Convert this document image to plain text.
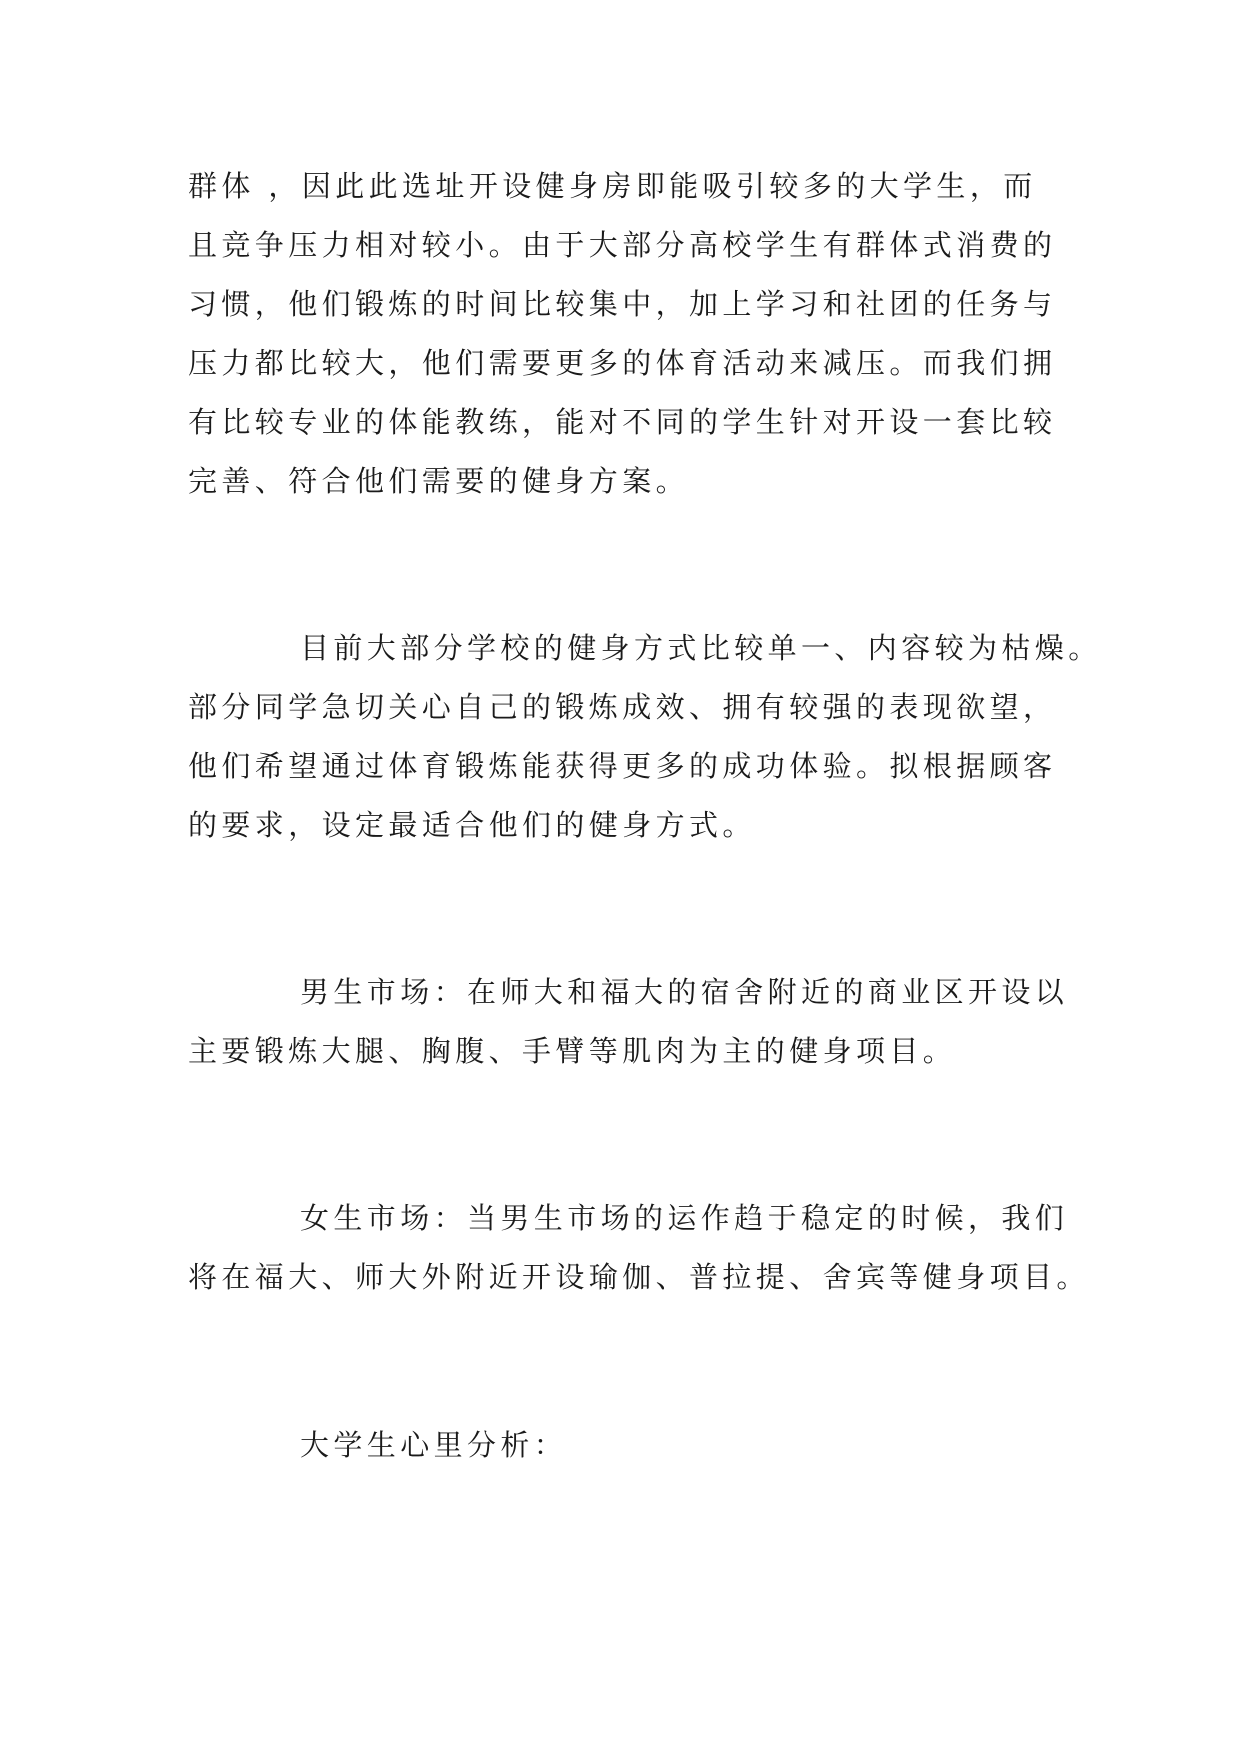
群体 ，因此此选址开设健身房即能吸引较多的大学生，而
且竞争压力相对较小。由于大部分高校学生有群体式消费的
习惯，他们锻炼的时间比较集中，加上学习和社团的任务与
压力都比较大，他们需要更多的体育活动来减压。而我们拥
有比较专业的体能教练，能对不同的学生针对开设一套比较
完善、符合他们需要的健身方案。
目前大部分学校的健身方式比较单一、内容较为枯燥。
部分同学急切关心自己的锻炼成效、拥有较强的表现欲望，
他们希望通过体育锻炼能获得更多的成功体验。拟根据顾客
的要求，设定最适合他们的健身方式。
男生市场：在师大和福大的宿舍附近的商业区开设以
主要锻炼大腿、胸腹、手臂等肌肉为主的健身项目。
女生市场：当男生市场的运作趋于稳定的时候，我们
将在福大、师大外附近开设瑜伽、普拉提、舍宾等健身项目。
大学生心里分析：
